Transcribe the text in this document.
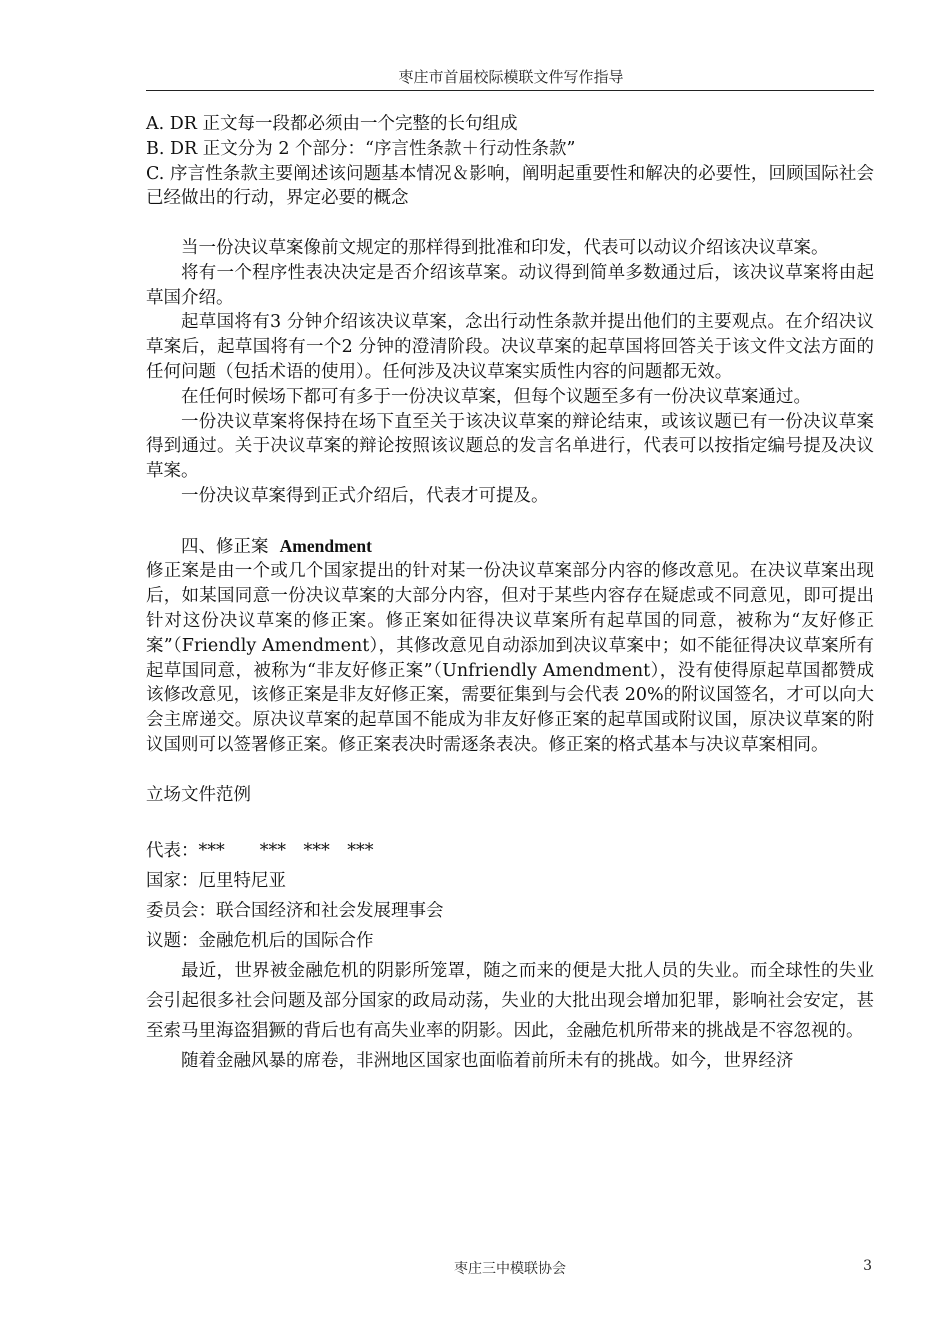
枣庄市首届校际模联文件写作指导

A. DR 正文每一段都必须由一个完整的长句组成

B. DR 正文分为 2 个部分：“序言性条款＋行动性条款”

C. 序言性条款主要阐述该问题基本情况＆影响，阐明起重要性和解决的必要性，回顾国际社会已经做出的行动，界定必要的概念

当一份决议草案像前文规定的那样得到批准和印发，代表可以动议介绍该决议草案。

将有一个程序性表决决定是否介绍该草案。动议得到简单多数通过后，该决议草案将由起草国介绍。

起草国将有3 分钟介绍该决议草案，念出行动性条款并提出他们的主要观点。在介绍决议草案后，起草国将有一个2 分钟的澄清阶段。决议草案的起草国将回答关于该文件文法方面的任何问题（包括术语的使用）。任何涉及决议草案实质性内容的问题都无效。

在任何时候场下都可有多于一份决议草案，但每个议题至多有一份决议草案通过。

一份决议草案将保持在场下直至关于该决议草案的辩论结束，或该议题已有一份决议草案得到通过。关于决议草案的辩论按照该议题总的发言名单进行，代表可以按指定编号提及决议草案。

一份决议草案得到正式介绍后，代表才可提及。

四、修正案 Amendment

修正案是由一个或几个国家提出的针对某一份决议草案部分内容的修改意见。在决议草案出现后，如某国同意一份决议草案的大部分内容，但对于某些内容存在疑虑或不同意见，即可提出针对这份决议草案的修正案。修正案如征得决议草案所有起草国的同意，被称为“友好修正案”（Friendly Amendment），其修改意见自动添加到决议草案中；如不能征得决议草案所有起草国同意，被称为“非友好修正案”（Unfriendly Amendment），没有使得原起草国都赞成该修改意见，该修正案是非友好修正案，需要征集到与会代表 20%的附议国签名，才可以向大会主席递交。原决议草案的起草国不能成为非友好修正案的起草国或附议国，原决议草案的附议国则可以签署修正案。修正案表决时需逐条表决。修正案的格式基本与决议草案相同。

立场文件范例

代表：***　　***　***　***

国家：厄里特尼亚

委员会：联合国经济和社会发展理事会

议题：金融危机后的国际合作

最近，世界被金融危机的阴影所笼罩，随之而来的便是大批人员的失业。而全球性的失业会引起很多社会问题及部分国家的政局动荡，失业的大批出现会增加犯罪，影响社会安定，甚至索马里海盗猖獗的背后也有高失业率的阴影。因此，金融危机所带来的挑战是不容忽视的。

随着金融风暴的席卷，非洲地区国家也面临着前所未有的挑战。如今，世界经济

枣庄三中模联协会	3
